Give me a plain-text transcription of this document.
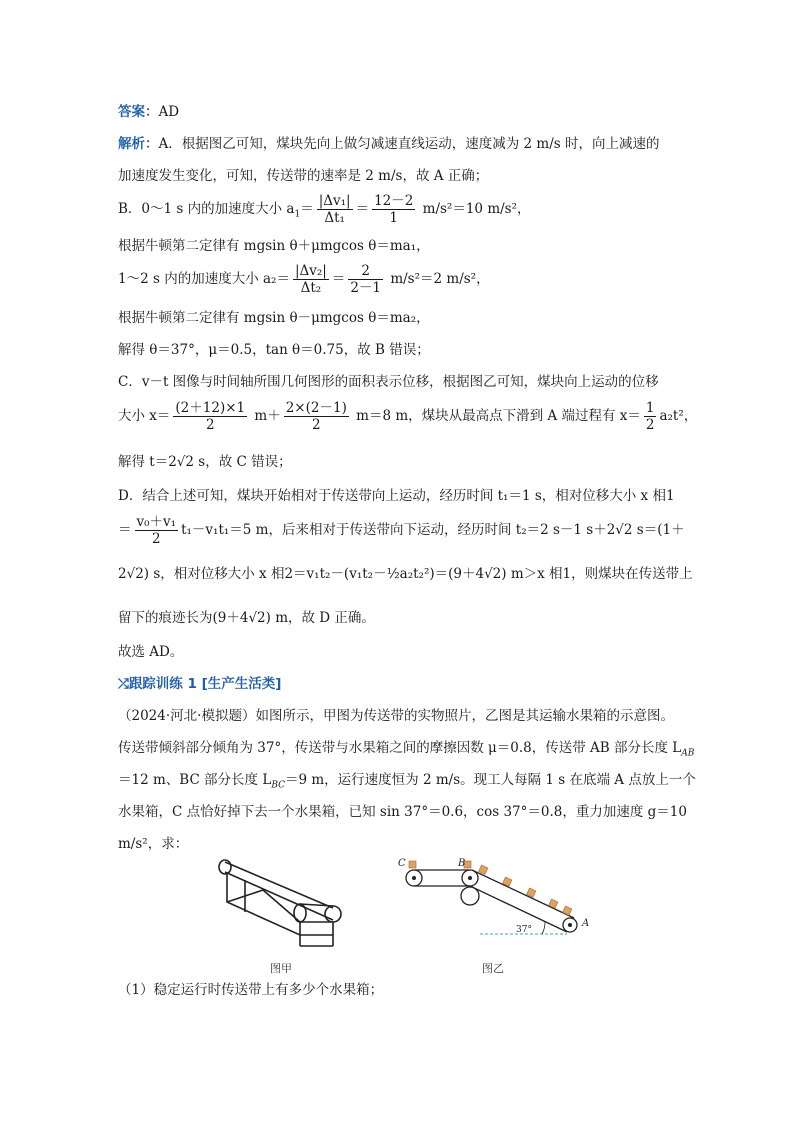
答案：AD
解析：A．根据图乙可知，煤块先向上做匀减速直线运动，速度减为 2 m/s 时，向上减速的
加速度发生变化，可知，传送带的速率是 2 m/s，故 A 正确；
B．0～1 s 内的加速度大小 $a_1= \frac{\text{|Δv₁|}}{\text{Δt₁}} = \frac{12-2}{1} m/s^2=10$ m/s²，
根据牛顿第二定律有 mgsin θ＋μmgcos θ＝ma₁，
1～2 s 内的加速度大小 $a_2= \frac{\text{|Δv₂|}}{\text{Δt₂}} = \frac{2}{2-1} m/s^2=2$ m/s²，
根据牛顿第二定律有 mgsin θ－μmgcos θ＝ma₂，
解得 θ＝37°，μ＝0.5，tan θ＝0.75，故 B 错误；
C．v－t 图像与时间轴所围几何图形的面积表示位移，根据图乙可知，煤块向上运动的位移
大小 $x= \frac{(2+12)\times 1}{2} m+ \frac{2\times(2-1)}{2} m=8$ m，煤块从最高点下滑到 A 端过程有 $x= \frac{1}{2} a_2t^2$，
解得 t＝2√2 s，故 C 错误；
D．结合上述可知，煤块开始相对于传送带向上运动，经历时间 t₁＝1 s，相对位移大小 x 相1
＝ $\frac{\text{v₀＋v₁}}{2} t_1-v_1t_1=5$ m，后来相对于传送带向下运动，经历时间 t₂＝2 s－1 s＋2√2 s＝(1＋
2√2) s，相对位移大小 x 相2＝v₁t₂－(v₁t₂－½a₂t₂²)＝(9＋4√2) m＞x 相1，则煤块在传送带上
留下的痕迹长为(9＋4√2) m，故 D 正确。
故选 AD。
⤮跟踪训练 1 [生产生活类]
（2024·河北·模拟题）如图所示，甲图为传送带的实物照片，乙图是其运输水果箱的示意图。
传送带倾斜部分倾角为 37°，传送带与水果箱之间的摩擦因数 μ＝0.8，传送带 AB 部分长度 $L_{AB}$
＝12 m、BC 部分长度 $L_{BC}=9$ m，运行速度恒为 2 m/s。现工人每隔 1 s 在底端 A 点放上一个
水果箱，C 点恰好掉下去一个水果箱，已知 sin 37°＝0.6，cos 37°＝0.8，重力加速度 g＝10
m/s²，求：
图甲
C	B
A
37°
图乙
（1）稳定运行时传送带上有多少个水果箱；
